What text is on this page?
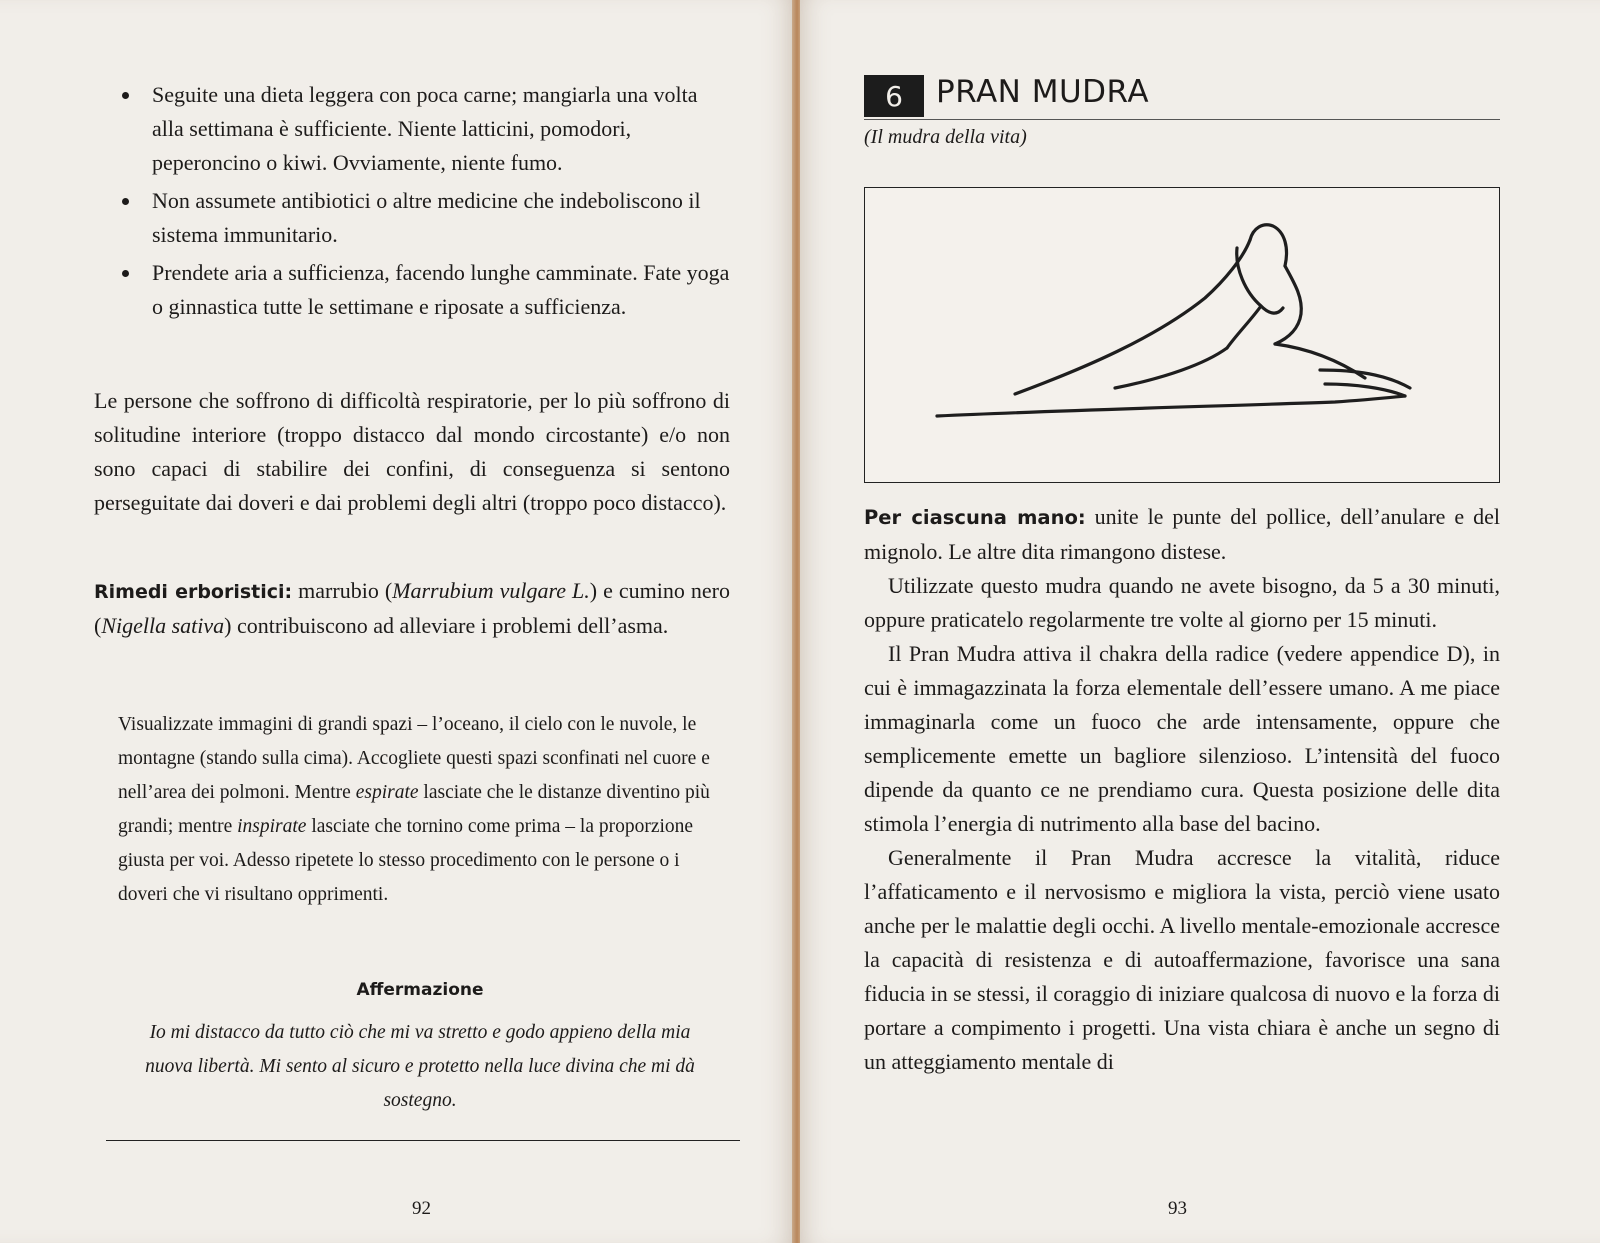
Seguite una dieta leggera con poca carne; mangiarla una volta alla settimana è sufficiente. Niente latticini, pomodori, peperoncino o kiwi. Ovviamente, niente fumo.
Non assumete antibiotici o altre medicine che indeboliscono il sistema immunitario.
Prendete aria a sufficienza, facendo lunghe camminate. Fate yoga o ginnastica tutte le settimane e riposate a sufficienza.

Le persone che soffrono di difficoltà respiratorie, per lo più soffrono di solitudine interiore (troppo distacco dal mondo circostante) e/o non sono capaci di stabilire dei confini, di conseguenza si sentono perseguitate dai doveri e dai problemi degli altri (troppo poco distacco).

Rimedi erboristici: marrubio (Marrubium vulgare L.) e cumino nero (Nigella sativa) contribuiscono ad alleviare i problemi dell’asma.

Visualizzate immagini di grandi spazi – l’oceano, il cielo con le nuvole, le montagne (stando sulla cima). Accogliete questi spazi sconfinati nel cuore e nell’area dei polmoni. Mentre espirate lasciate che le distanze diventino più grandi; mentre inspirate lasciate che tornino come prima – la proporzione giusta per voi. Adesso ripetete lo stesso procedimento con le persone o i doveri che vi risultano opprimenti.

Affermazione

Io mi distacco da tutto ciò che mi va stretto e godo appieno della mia nuova libertà. Mi sento al sicuro e protetto nella luce divina che mi dà sostegno.

92
6	PRAN MUDRA
(Il mudra della vita)

Per ciascuna mano: unite le punte del pollice, dell’anulare e del mignolo. Le altre dita rimangono distese.

Utilizzate questo mudra quando ne avete bisogno, da 5 a 30 minuti, oppure praticatelo regolarmente tre volte al giorno per 15 minuti.

Il Pran Mudra attiva il chakra della radice (vedere appendice D), in cui è immagazzinata la forza elementale dell’essere umano. A me piace immaginarla come un fuoco che arde intensamente, oppure che semplicemente emette un bagliore silenzioso. L’intensità del fuoco dipende da quanto ce ne prendiamo cura. Questa posizione delle dita stimola l’energia di nutrimento alla base del bacino.

Generalmente il Pran Mudra accresce la vitalità, riduce l’affaticamento e il nervosismo e migliora la vista, perciò viene usato anche per le malattie degli occhi. A livello mentale-emozionale accresce la capacità di resistenza e di autoaffermazione, favorisce una sana fiducia in se stessi, il coraggio di iniziare qualcosa di nuovo e la forza di portare a compimento i progetti. Una vista chiara è anche un segno di un atteggiamento mentale di

93
